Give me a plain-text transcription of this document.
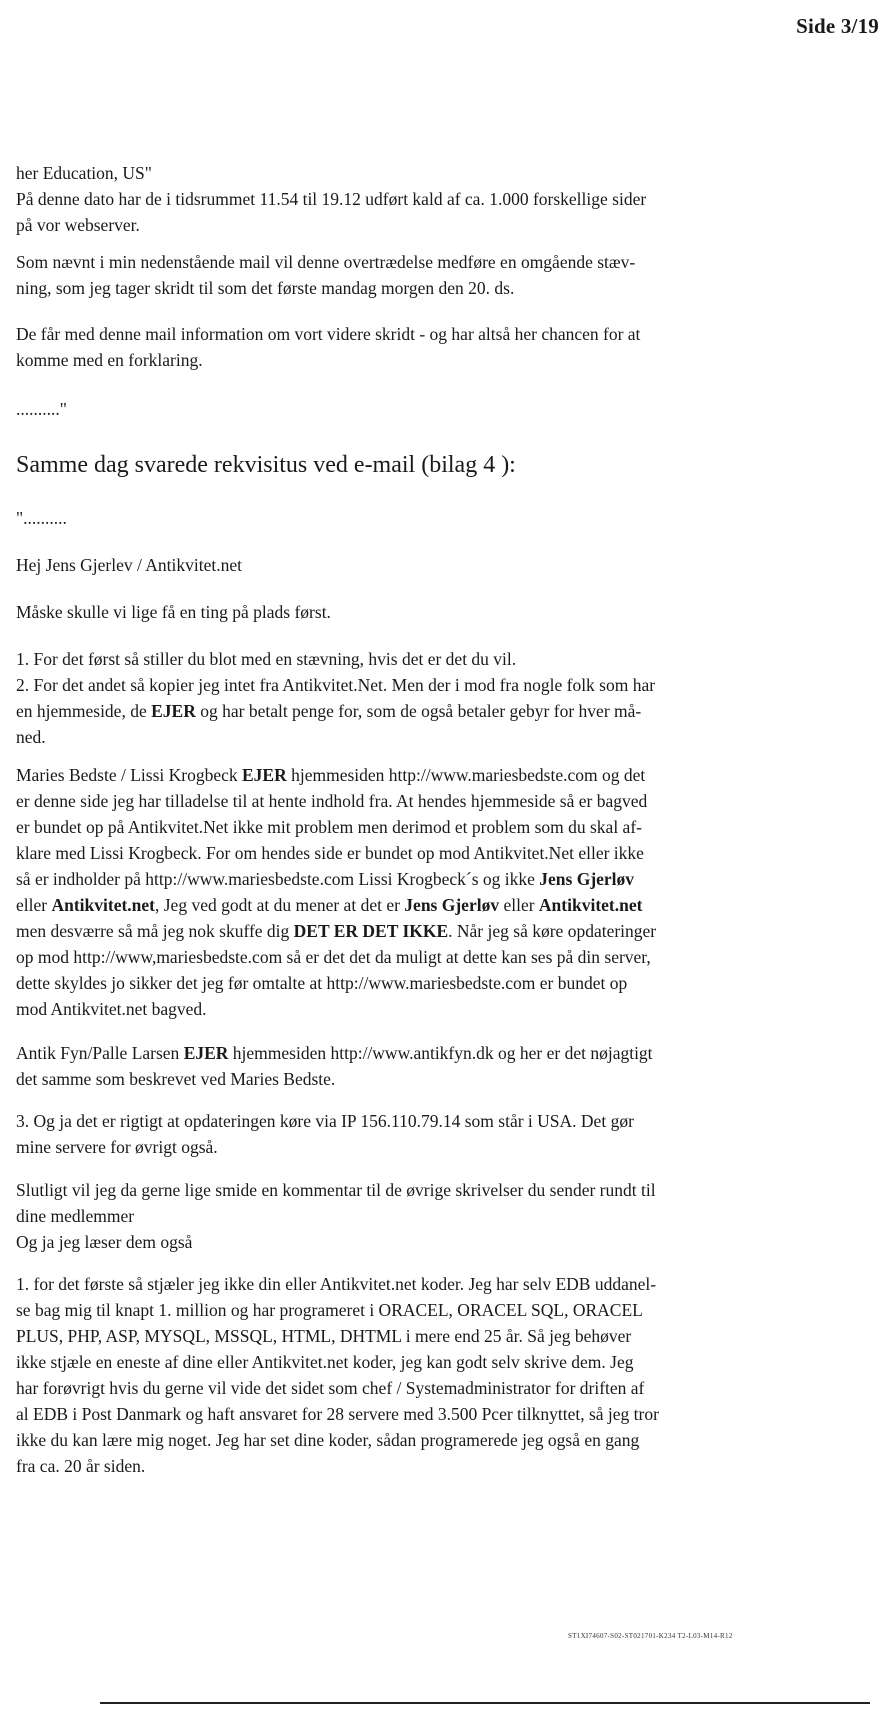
Side 3/19

her Education, US"

På denne dato har de i tidsrummet 11.54 til 19.12 udført kald af ca. 1.000 forskellige sider

på vor webserver.

Som nævnt i min nedenstående mail vil denne overtrædelse medføre en omgående stæv-

ning, som jeg tager skridt til som det første mandag morgen den 20. ds.

De får med denne mail information om vort videre skridt - og har altså her chancen for at

komme med en forklaring.

.........."

Samme dag svarede rekvisitus ved e-mail (bilag 4 ):

"..........

Hej Jens Gjerlev / Antikvitet.net

Måske skulle vi lige få en ting på plads først.

1. For det først så stiller du blot med en stævning, hvis det er det du vil.

2. For det andet så kopier jeg intet fra Antikvitet.Net. Men der i mod fra nogle folk som har

en hjemmeside, de EJER og har betalt penge for, som de også betaler gebyr for hver må-

ned.

Maries Bedste / Lissi Krogbeck EJER hjemmesiden http://www.mariesbedste.com og det

er denne side jeg har tilladelse til at hente indhold fra. At hendes hjemmeside så er bagved

er bundet op på Antikvitet.Net ikke mit problem men derimod et problem som du skal af-

klare med Lissi Krogbeck. For om hendes side er bundet op mod Antikvitet.Net eller ikke

så er indholder på http://www.mariesbedste.com Lissi Krogbeck´s og ikke Jens Gjerløv

eller Antikvitet.net, Jeg ved godt at du mener at det er Jens Gjerløv eller Antikvitet.net

men desværre så må jeg nok skuffe dig DET ER DET IKKE. Når jeg så køre opdateringer

op mod http://www,mariesbedste.com så er det det da muligt at dette kan ses på din server,

dette skyldes jo sikker det jeg før omtalte at http://www.mariesbedste.com er bundet op

mod Antikvitet.net bagved.

Antik Fyn/Palle Larsen EJER hjemmesiden http://www.antikfyn.dk og her er det nøjagtigt

det samme som beskrevet ved Maries Bedste.

3. Og ja det er rigtigt at opdateringen køre via IP 156.110.79.14 som står i USA. Det gør

mine servere for øvrigt også.

Slutligt vil jeg da gerne lige smide en kommentar til de øvrige skrivelser du sender rundt til

dine medlemmer

Og ja jeg læser dem også

1. for det første så stjæler jeg ikke din eller Antikvitet.net koder. Jeg har selv EDB uddanel-

se bag mig til knapt 1. million og har programeret i ORACEL, ORACEL SQL, ORACEL

PLUS, PHP, ASP, MYSQL, MSSQL, HTML, DHTML i mere end 25 år. Så jeg behøver

ikke stjæle en eneste af dine eller Antikvitet.net koder, jeg kan godt selv skrive dem. Jeg

har forøvrigt hvis du gerne vil vide det sidet som chef / Systemadministrator for driften af

al EDB i Post Danmark og haft ansvaret for 28 servere med 3.500 Pcer tilknyttet, så jeg tror

ikke du kan lære mig noget. Jeg har set dine koder, sådan programerede jeg også en gang

fra ca. 20 år siden.

ST1XI74607-S02-ST021701-K234 T2-L03-M14-R12
